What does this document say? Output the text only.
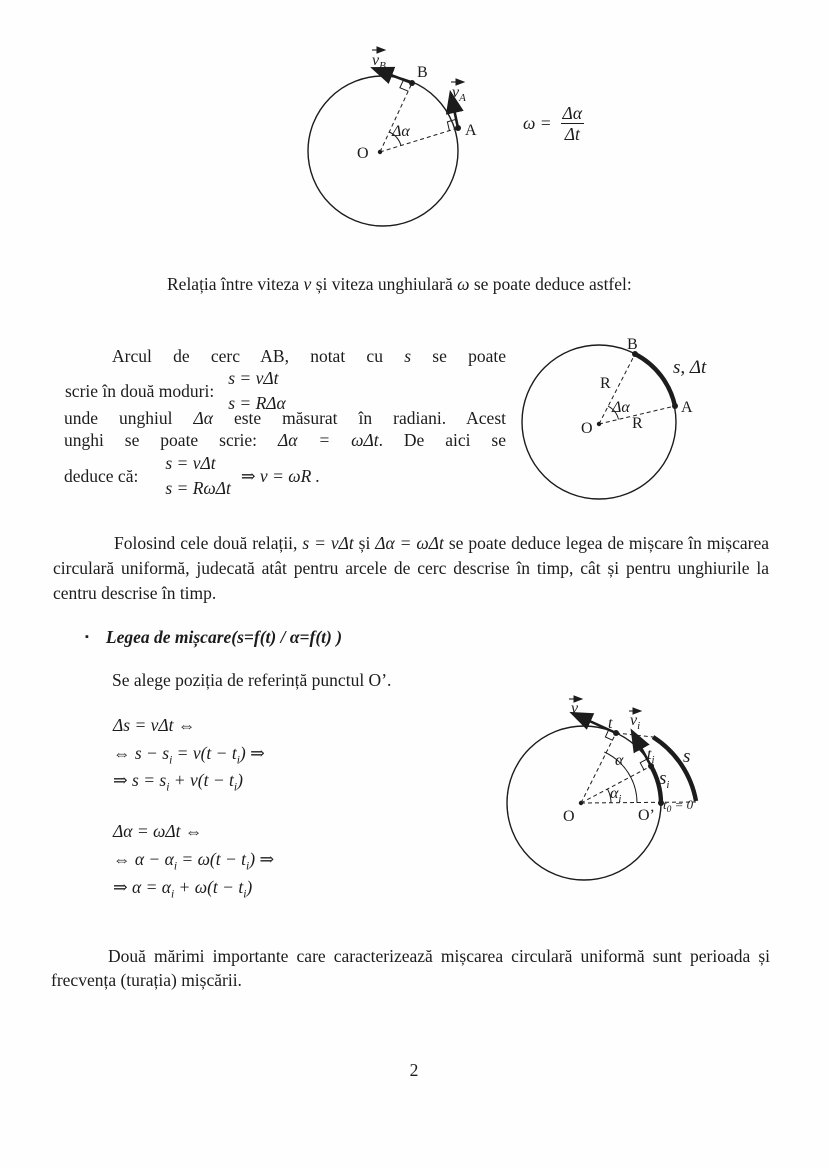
$v_B$
$v_A$
B
A
O
Δα	$\omega = \frac{\Delta\alpha}{\Delta t}$
Relația între viteza v și viteza unghiulară ω se poate deduce astfel:
Arcul de cerc AB, notat cu s se poate
scrie în două moduri:
s = vΔt
s = RΔα
unde unghiul Δα este măsurat în radiani. Acest
unghi se poate scrie: Δα = ωΔt. De aici se
deduce că:
s = vΔt
s = RωΔt
⇒ v = ωR .
B
A
O
R
R
Δα
s, Δt
Folosind cele două relații, s = vΔt și Δα = ωΔt se poate deduce legea de mișcare în mișcarea circulară uniformă, judecată atât pentru arcele de cerc descrise în timp, cât și pentru unghiurile la centru descrise în timp.
▪ Legea de mișcare(s=f(t) / α=f(t) )
Se alege poziția de referință punctul O’.
Δs = vΔt ⇔
⇔ $s - s_i = v(t - t_i)$ ⇒
⇒ $s = s_i + v(t - t_i)$
Δα = ωΔt ⇔
⇔ $\alpha - \alpha_i = \omega(t - t_i)$ ⇒
⇒ $\alpha = \alpha_i + \omega(t - t_i)$
v
t $v_i$
α
$\alpha_i$
$t_i$
$s_i$
s
O	O’
$t_0 = 0$
Două mărimi importante care caracterizează mișcarea circulară uniformă sunt perioada și frecvența (turația) mișcării.
2
